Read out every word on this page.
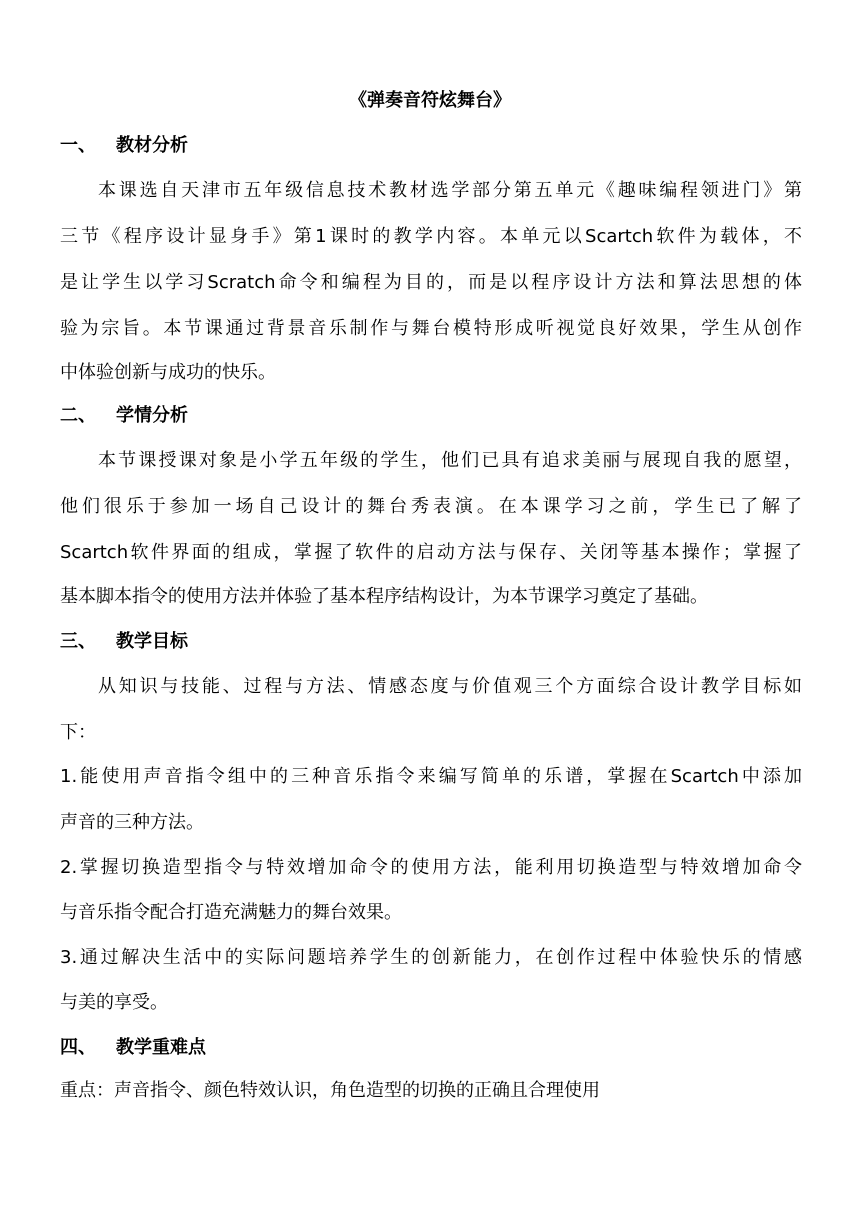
《弹奏音符炫舞台》
一、 教材分析
本课选自天津市五年级信息技术教材选学部分第五单元《趣味编程领进门》第
三节《程序设计显身手》第1课时的教学内容。本单元以Scartch软件为载体，不
是让学生以学习Scratch命令和编程为目的，而是以程序设计方法和算法思想的体
验为宗旨。本节课通过背景音乐制作与舞台模特形成听视觉良好效果，学生从创作
中体验创新与成功的快乐。
二、 学情分析
本节课授课对象是小学五年级的学生，他们已具有追求美丽与展现自我的愿望，
他们很乐于参加一场自己设计的舞台秀表演。在本课学习之前，学生已了解了
Scartch软件界面的组成，掌握了软件的启动方法与保存、关闭等基本操作；掌握了
基本脚本指令的使用方法并体验了基本程序结构设计，为本节课学习奠定了基础。
三、 教学目标
从知识与技能、过程与方法、情感态度与价值观三个方面综合设计教学目标如
下：
1.能使用声音指令组中的三种音乐指令来编写简单的乐谱，掌握在Scartch中添加
声音的三种方法。
2.掌握切换造型指令与特效增加命令的使用方法，能利用切换造型与特效增加命令
与音乐指令配合打造充满魅力的舞台效果。
3.通过解决生活中的实际问题培养学生的创新能力，在创作过程中体验快乐的情感
与美的享受。
四、 教学重难点
重点：声音指令、颜色特效认识，角色造型的切换的正确且合理使用
